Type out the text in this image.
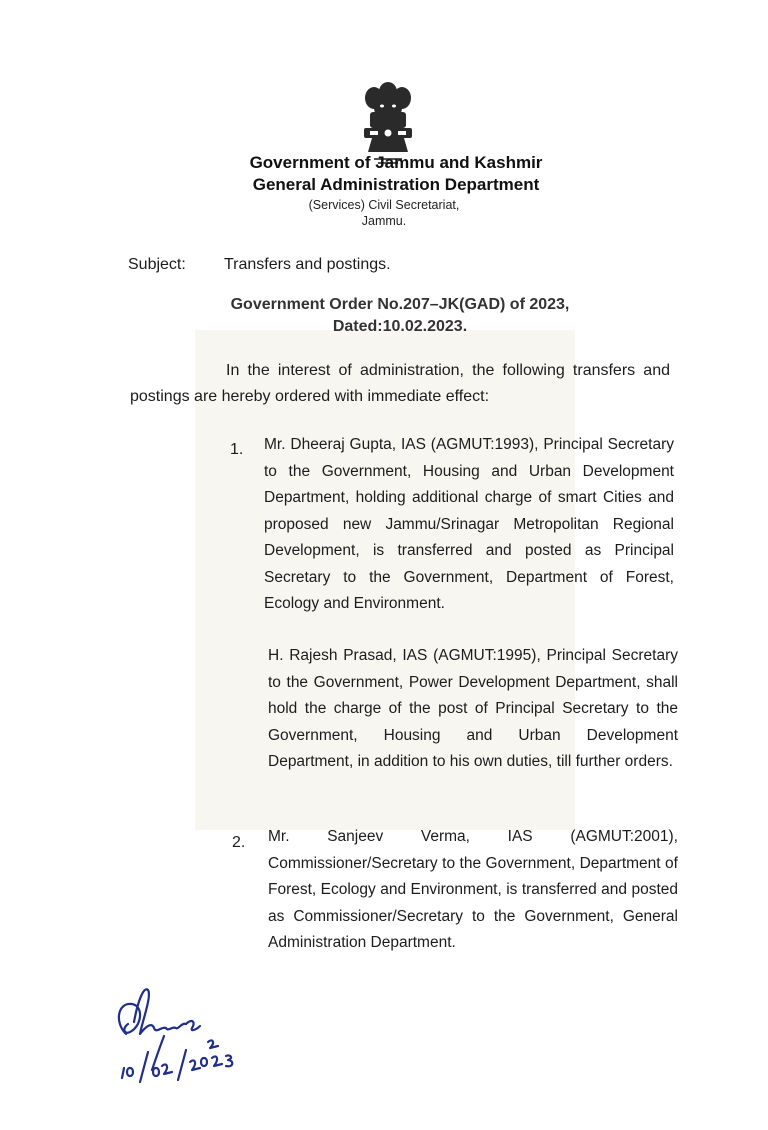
Government of Jammu and Kashmir
General Administration Department
(Services) Civil Secretariat,
Jammu.
Subject: Transfers and postings.
Government Order No.207–JK(GAD) of 2023,
Dated:10.02.2023.
In the interest of administration, the following transfers and postings are hereby ordered with immediate effect:
1. Mr. Dheeraj Gupta, IAS (AGMUT:1993), Principal Secretary to the Government, Housing and Urban Development Department, holding additional charge of smart Cities and proposed new Jammu/Srinagar Metropolitan Regional Development, is transferred and posted as Principal Secretary to the Government, Department of Forest, Ecology and Environment.
H. Rajesh Prasad, IAS (AGMUT:1995), Principal Secretary to the Government, Power Development Department, shall hold the charge of the post of Principal Secretary to the Government, Housing and Urban Development Department, in addition to his own duties, till further orders.
2. Mr. Sanjeev Verma, IAS (AGMUT:2001), Commissioner/Secretary to the Government, Department of Forest, Ecology and Environment, is transferred and posted as Commissioner/Secretary to the Government, General Administration Department.
